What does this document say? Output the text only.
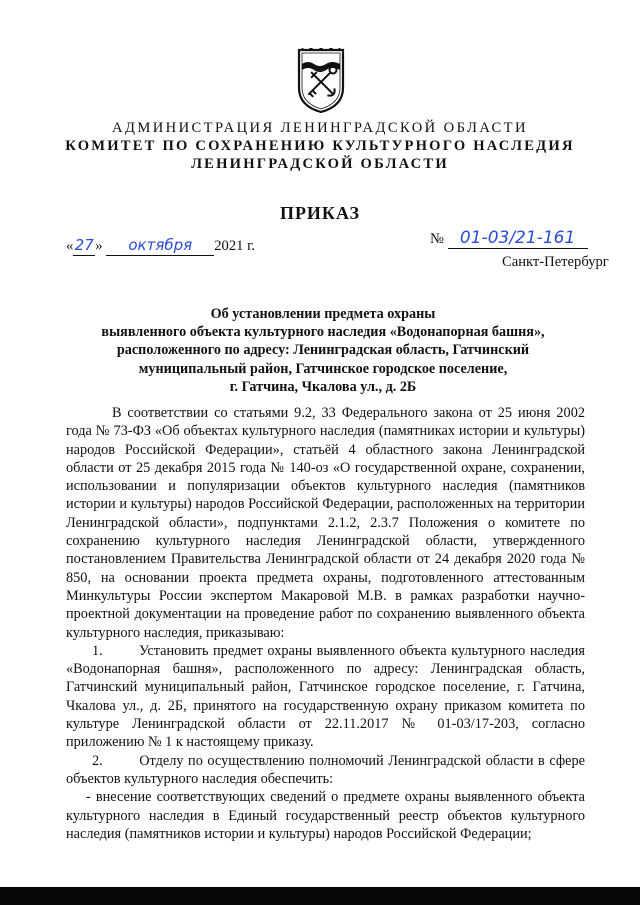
АДМИНИСТРАЦИЯ ЛЕНИНГРАДСКОЙ ОБЛАСТИ
КОМИТЕТ ПО СОХРАНЕНИЮ КУЛЬТУРНОГО НАСЛЕДИЯ
ЛЕНИНГРАДСКОЙ ОБЛАСТИ
ПРИКАЗ
«27» октября 2021 г.	№ 01-03/21-161
Санкт-Петербург
Об установлении предмета охраны
выявленного объекта культурного наследия «Водонапорная башня»,
расположенного по адресу: Ленинградская область, Гатчинский
муниципальный район, Гатчинское городское поселение,
г. Гатчина, Чкалова ул., д. 2Б

В соответствии со статьями 9.2, 33 Федерального закона от 25 июня 2002 года № 73-ФЗ «Об объектах культурного наследия (памятниках истории и культуры) народов Российской Федерации», статьёй 4 областного закона Ленинградской области от 25 декабря 2015 года № 140-оз «О государственной охране, сохранении, использовании и популяризации объектов культурного наследия (памятников истории и культуры) народов Российской Федерации, расположенных на территории Ленинградской области», подпунктами 2.1.2, 2.3.7 Положения о комитете по сохранению культурного наследия Ленинградской области, утвержденного постановлением Правительства Ленинградской области от 24 декабря 2020 года № 850, на основании проекта предмета охраны, подготовленного аттестованным Минкультуры России экспертом Макаровой М.В. в рамках разработки научно-проектной документации на проведение работ по сохранению выявленного объекта культурного наследия, приказываю:

1.        Установить предмет охраны выявленного объекта культурного наследия «Водонапорная башня», расположенного по адресу: Ленинградская область, Гатчинский муниципальный район, Гатчинское городское поселение, г. Гатчина, Чкалова ул., д. 2Б, принятого на государственную охрану приказом комитета по культуре Ленинградской области от 22.11.2017 № 01-03/17-203, согласно приложению № 1 к настоящему приказу.

2.        Отделу по осуществлению полномочий Ленинградской области в сфере объектов культурного наследия обеспечить:

- внесение соответствующих сведений о предмете охраны выявленного объекта культурного наследия в Единый государственный реестр объектов культурного наследия (памятников истории и культуры) народов Российской Федерации;
